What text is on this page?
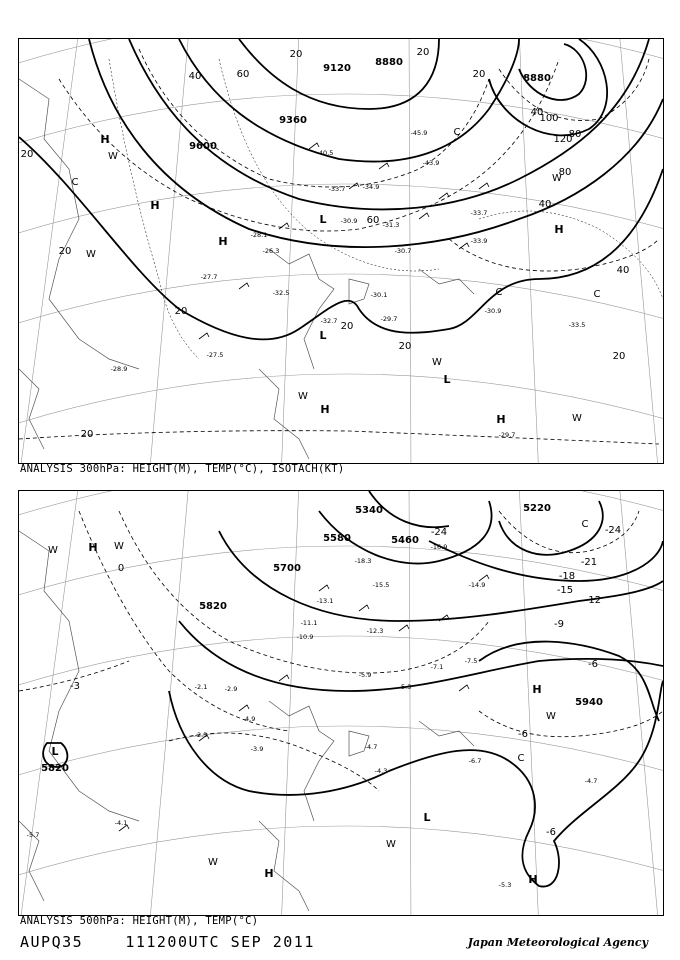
9120
8880
8880
9360
9600
20	20
20
20
40
40
60
60
80
80
100
120
40
40
20
20
20
20
20
20
-45.9
-40.5
-33.7	-34.9
-30.9	-31.3
-28.1
-26.3
-27.7
-27.5
-32.5
-32.7
-30.1
-29.7
-30.7
-30.9
-33.7
-33.9
-29.7
-28.9
-43.9
-33.5
H
H
H
H
H
H
L
L
L
W
W
W
W
W
W
C
C	C
C
ANALYSIS 300hPa: HEIGHT(M), TEMP(°C), ISOTACH(KT)
5340	5220
5580	5460
5700
5820
5820
5940
-24	-24
-21
-18
-15
-12
-9
-6
-6
-6
-3
0
-16.9
-18.3
-15.5	-14.9
-13.1
-12.3
-11.1
-10.9
-7.5
-7.1
-5.9
-5.3
-4.9
-4.7
-4.3
-4.1
-3.9
-2.9
-2.3
-5.7
-6.7
-4.7
-5.3
-2.1
H
H
H	H
L
L
W	W
W
W
W
C
C
ANALYSIS 500hPa: HEIGHT(M), TEMP(°C)
AUPQ35	111200UTC SEP 2011	Japan Meteorological Agency
